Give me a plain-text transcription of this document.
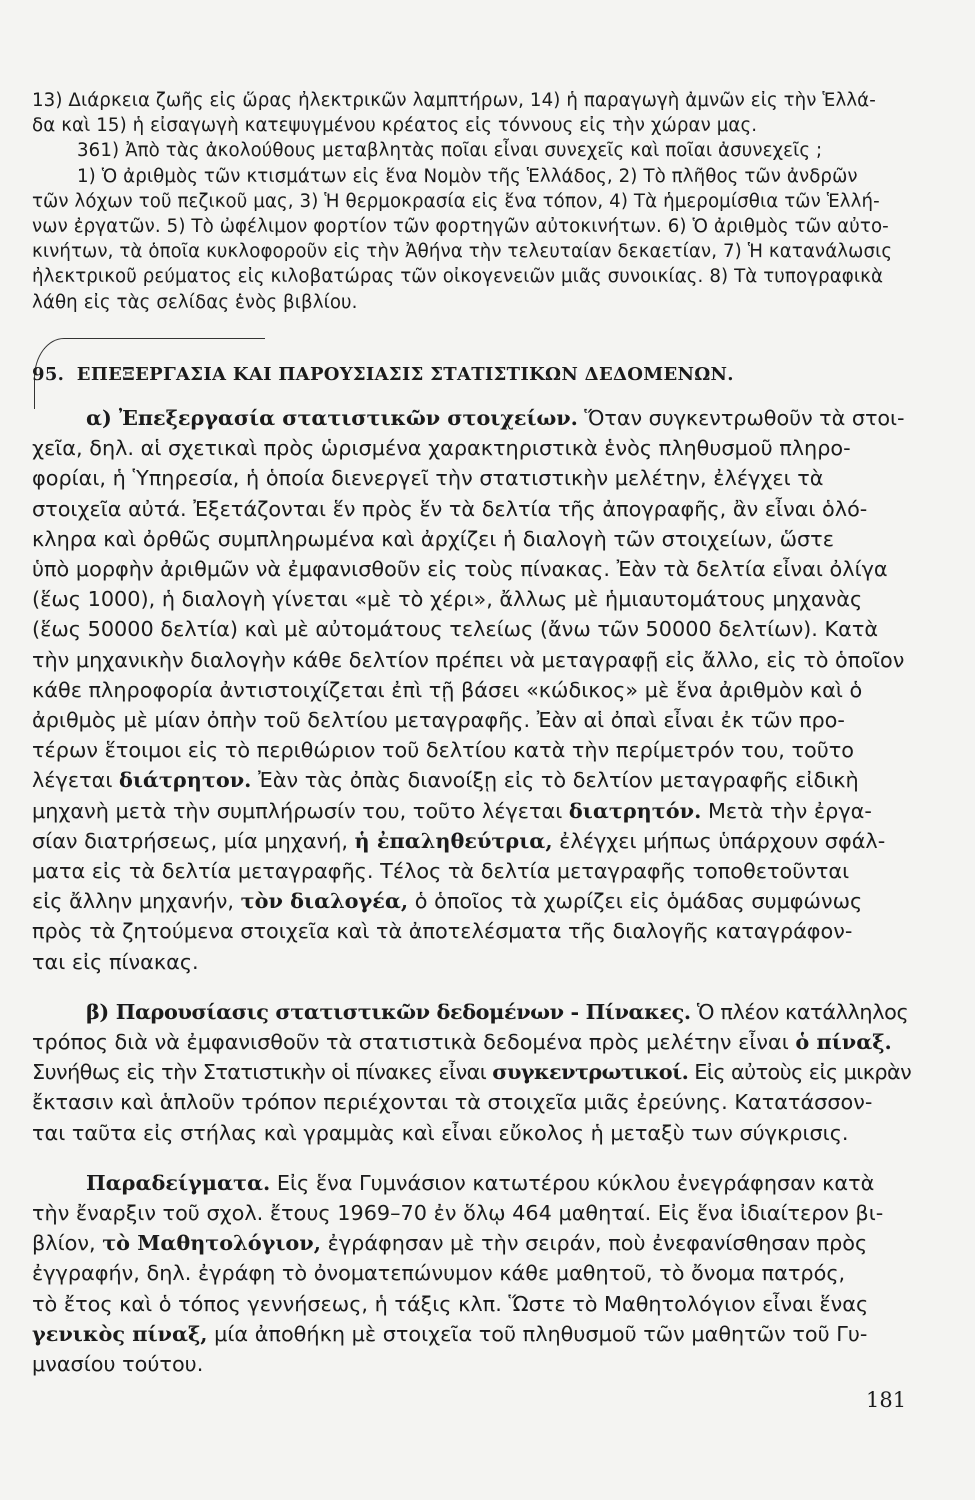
13) Διάρκεια ζωῆς εἰς ὥρας ἠλεκτρικῶν λαμπτήρων, 14) ἡ παραγωγὴ ἀμνῶν εἰς τὴν Ἑλλά-
δα καὶ 15) ἡ εἰσαγωγὴ κατεψυγμένου κρέατος εἰς τόννους εἰς τὴν χώραν μας.

361) Ἀπὸ τὰς ἀκολούθους μεταβλητὰς ποῖαι εἶναι συνεχεῖς καὶ ποῖαι ἀσυνεχεῖς ;

1) Ὁ ἀριθμὸς τῶν κτισμάτων εἰς ἕνα Νομὸν τῆς Ἑλλάδος, 2) Τὸ πλῆθος τῶν ἀνδρῶν

τῶν λόχων τοῦ πεζικοῦ μας, 3) Ἡ θερμοκρασία εἰς ἕνα τόπον, 4) Τὰ ἡμερομίσθια τῶν Ἑλλή-
νων ἐργατῶν. 5) Τὸ ὠφέλιμον φορτίον τῶν φορτηγῶν αὐτοκινήτων. 6) Ὁ ἀριθμὸς τῶν αὐτο-
κινήτων, τὰ ὁποῖα κυκλοφοροῦν εἰς τὴν Ἀθήνα τὴν τελευταίαν δεκαετίαν, 7) Ἡ κατανάλωσις
ἠλεκτρικοῦ ρεύματος εἰς κιλοβατώρας τῶν οἰκογενειῶν μιᾶς συνοικίας. 8) Τὰ τυπογραφικὰ
λάθη εἰς τὰς σελίδας ἑνὸς βιβλίου.

95. ΕΠΕΞΕΡΓΑΣΙΑ ΚΑΙ ΠΑΡΟΥΣΙΑΣΙΣ ΣΤΑΤΙΣΤΙΚΩΝ ΔΕΔΟΜΕΝΩΝ.
α) Ἐπεξεργασία στατιστικῶν στοιχείων. Ὅταν συγκεντρωθοῦν τὰ στοι-
χεῖα, δηλ. αἱ σχετικαὶ πρὸς ὡρισμένα χαρακτηριστικὰ ἑνὸς πληθυσμοῦ πληρο-
φορίαι, ἡ Ὑπηρεσία, ἡ ὁποία διενεργεῖ τὴν στατιστικὴν μελέτην, ἐλέγχει τὰ
στοιχεῖα αὐτά. Ἐξετάζονται ἕν πρὸς ἕν τὰ δελτία τῆς ἀπογραφῆς, ἂν εἶναι ὁλό-
κληρα καὶ ὀρθῶς συμπληρωμένα καὶ ἀρχίζει ἡ διαλογὴ τῶν στοιχείων, ὥστε
ὑπὸ μορφὴν ἀριθμῶν νὰ ἐμφανισθοῦν εἰς τοὺς πίνακας. Ἐὰν τὰ δελτία εἶναι ὀλίγα
(ἕως 1000), ἡ διαλογὴ γίνεται «μὲ τὸ χέρι», ἄλλως μὲ ἡμιαυτομάτους μηχανὰς
(ἕως 50000 δελτία) καὶ μὲ αὐτομάτους τελείως (ἄνω τῶν 50000 δελτίων). Κατὰ
τὴν μηχανικὴν διαλογὴν κάθε δελτίον πρέπει νὰ μεταγραφῇ εἰς ἄλλο, εἰς τὸ ὁποῖον
κάθε πληροφορία ἀντιστοιχίζεται ἐπὶ τῇ βάσει «κώδικος» μὲ ἕνα ἀριθμὸν καὶ ὁ
ἀριθμὸς μὲ μίαν ὀπὴν τοῦ δελτίου μεταγραφῆς. Ἐὰν αἱ ὀπαὶ εἶναι ἐκ τῶν προ-
τέρων ἕτοιμοι εἰς τὸ περιθώριον τοῦ δελτίου κατὰ τὴν περίμετρόν του, τοῦτο
λέγεται διάτρητον. Ἐὰν τὰς ὀπὰς διανοίξῃ εἰς τὸ δελτίον μεταγραφῆς εἰδικὴ
μηχανὴ μετὰ τὴν συμπλήρωσίν του, τοῦτο λέγεται διατρητόν. Μετὰ τὴν ἐργα-
σίαν διατρήσεως, μία μηχανή, ἡ ἐπαληθεύτρια, ἐλέγχει μήπως ὑπάρχουν σφάλ-
ματα εἰς τὰ δελτία μεταγραφῆς. Τέλος τὰ δελτία μεταγραφῆς τοποθετοῦνται
εἰς ἄλλην μηχανήν, τὸν διαλογέα, ὁ ὁποῖος τὰ χωρίζει εἰς ὁμάδας συμφώνως
πρὸς τὰ ζητούμενα στοιχεῖα καὶ τὰ ἀποτελέσματα τῆς διαλογῆς καταγράφον-
ται εἰς πίνακας.
β) Παρουσίασις στατιστικῶν δεδομένων - Πίνακες. Ὁ πλέον κατάλληλος
τρόπος διὰ νὰ ἐμφανισθοῦν τὰ στατιστικὰ δεδομένα πρὸς μελέτην εἶναι ὁ πίναξ.
Συνήθως εἰς τὴν Στατιστικὴν οἱ πίνακες εἶναι συγκεντρωτικοί. Εἰς αὐτοὺς εἰς μικρὰν
ἔκτασιν καὶ ἁπλοῦν τρόπον περιέχονται τὰ στοιχεῖα μιᾶς ἐρεύνης. Κατατάσσον-
ται ταῦτα εἰς στήλας καὶ γραμμὰς καὶ εἶναι εὔκολος ἡ μεταξὺ των σύγκρισις.
Παραδείγματα. Εἰς ἕνα Γυμνάσιον κατωτέρου κύκλου ἐνεγράφησαν κατὰ
τὴν ἔναρξιν τοῦ σχολ. ἔτους 1969–70 ἐν ὅλῳ 464 μαθηταί. Εἰς ἕνα ἰδιαίτερον βι-
βλίον, τὸ Μαθητολόγιον, ἐγράφησαν μὲ τὴν σειράν, ποὺ ἐνεφανίσθησαν πρὸς
ἐγγραφήν, δηλ. ἐγράφη τὸ ὀνοματεπώνυμον κάθε μαθητοῦ, τὸ ὄνομα πατρός,
τὸ ἔτος καὶ ὁ τόπος γεννήσεως, ἡ τάξις κλπ. Ὥστε τὸ Μαθητολόγιον εἶναι ἕνας
γενικὸς πίναξ, μία ἀποθήκη μὲ στοιχεῖα τοῦ πληθυσμοῦ τῶν μαθητῶν τοῦ Γυ-
μνασίου τούτου.
181
